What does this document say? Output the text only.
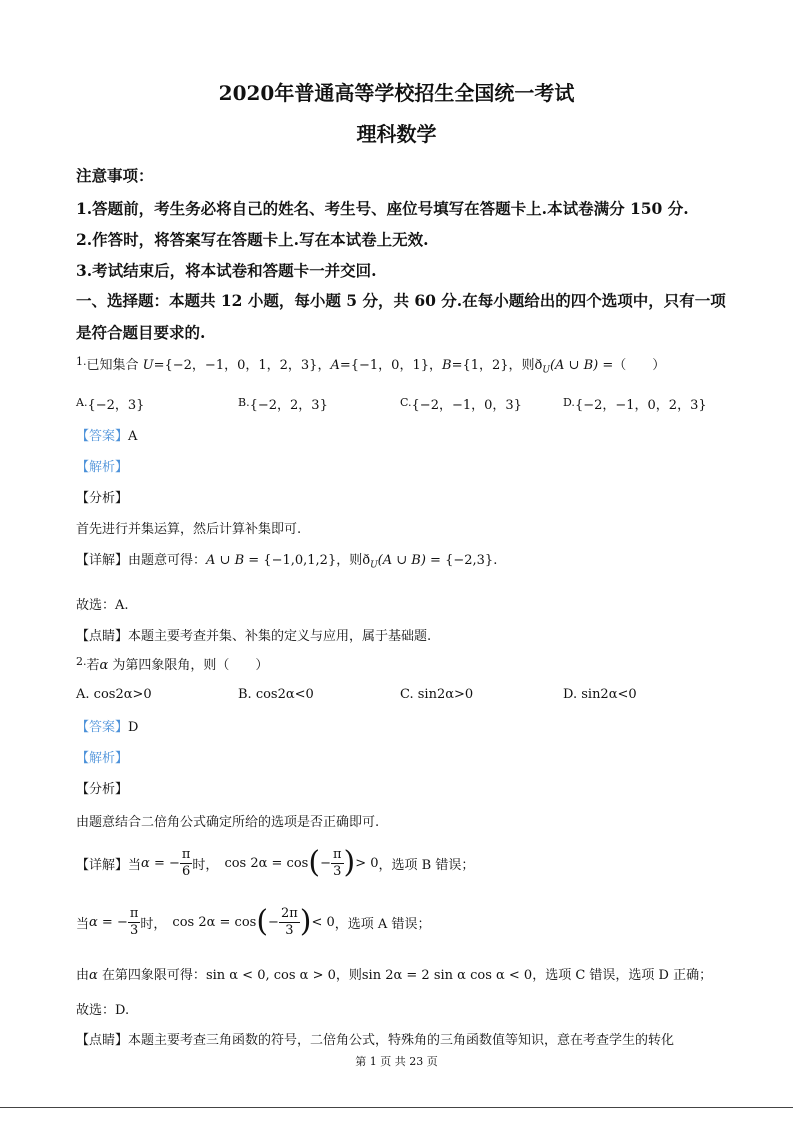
2020年普通高等学校招生全国统一考试
理科数学
注意事项：
1.答题前，考生务必将自己的姓名、考生号、座位号填写在答题卡上.本试卷满分 150 分.
2.作答时，将答案写在答题卡上.写在本试卷上无效.
3.考试结束后，将本试卷和答题卡一并交回.
一、选择题：本题共 12 小题，每小题 5 分，共 60 分.在每小题给出的四个选项中，只有一项
是符合题目要求的.
$^{1.}$已知集合 U={−2，−1，0，1，2，3}，A={−1，0，1}，B={1，2}，则$ð_U(A$ ∪ B) =（　　）
$^{A.}${−2，3}	$^{B.}${−2，2，3}	$^{C.}${−2，−1，0，3}	$^{D.}${−2，−1，0，2，3}
【答案】A
【解析】
【分析】
首先进行并集运算，然后计算补集即可.
【详解】由题意可得：A ∪ B = {−1,0,1,2}，则$ð_U(A$ ∪ B) = {−2,3}.
故选：A.
【点睛】本题主要考查并集、补集的定义与应用，属于基础题.
$^{2.}$若α 为第四象限角，则（　　）
A. cos2α>0	B. cos2α<0	C. sin2α>0	D. sin2α<0
【答案】D
【解析】
【分析】
由题意结合二倍角公式确定所给的选项是否正确即可.
【详解】 当 α = − $\frac{\pi}{6}$ 时， cos 2α = cos ( − $\frac{\pi}{3}$ ) > 0 ，选项 B 错误；
当 α = − $\frac{\pi}{3}$ 时， cos 2α = cos ( − $\frac{2\pi}{3}$ ) < 0 ，选项 A 错误；
由α 在第四象限可得：sin α < 0, cos α > 0，则sin 2α = 2 sin α cos α < 0，选项 C 错误，选项 D 正确；
故选：D.
【点睛】本题主要考查三角函数的符号，二倍角公式，特殊角的三角函数值等知识，意在考查学生的转化
第 1 页 共 23 页
